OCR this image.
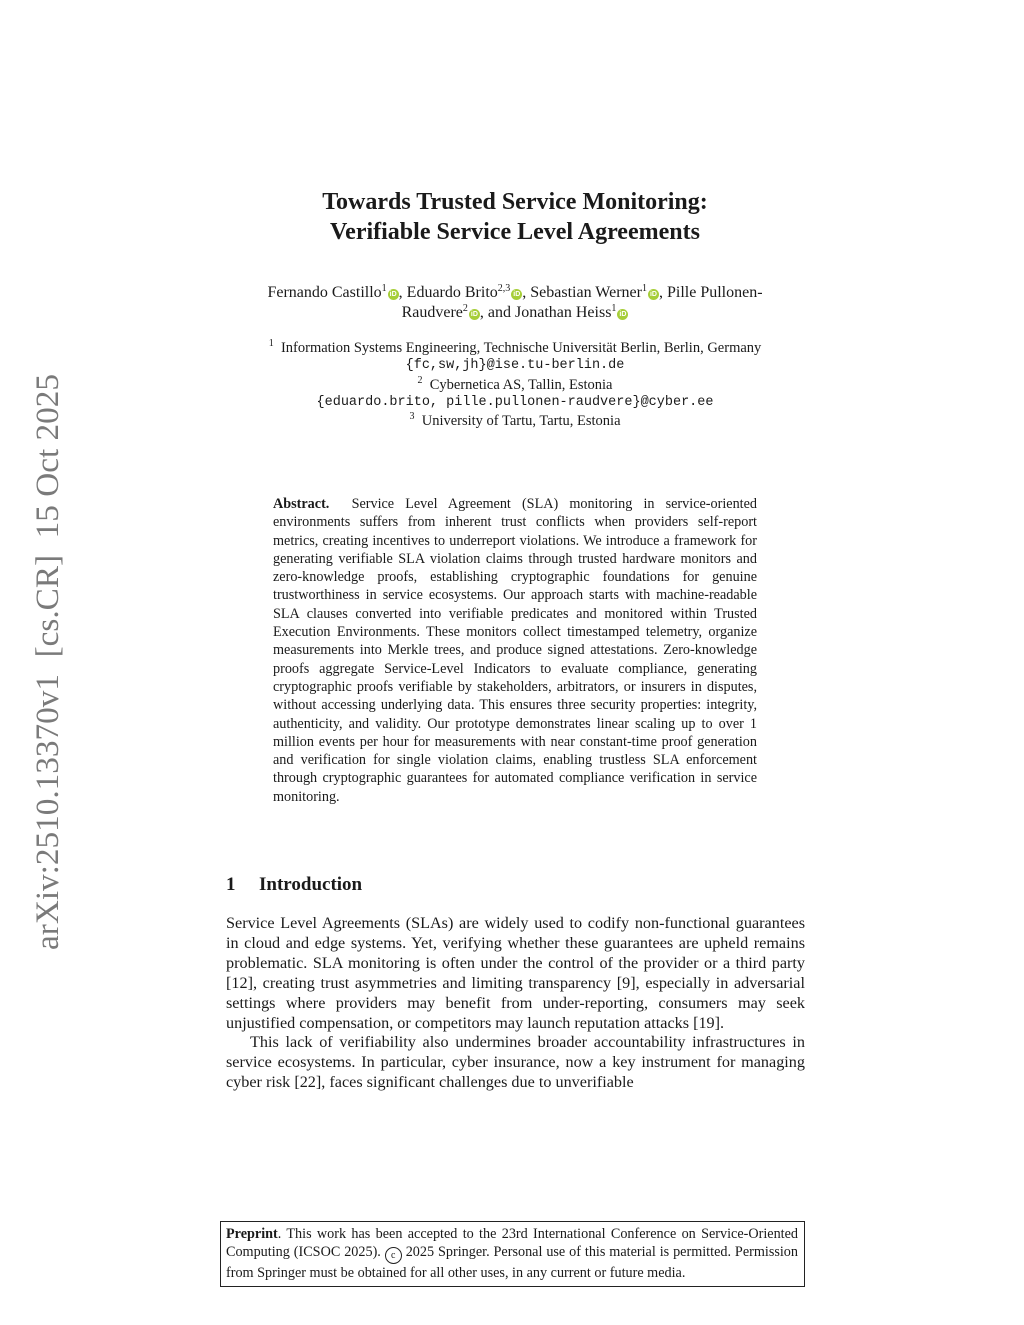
arXiv:2510.13370v1  [cs.CR]  15 Oct 2025
Towards Trusted Service Monitoring:
Verifiable Service Level Agreements
Fernando Castillo$^1$iD , Eduardo Brito$^{2,3}$iD , Sebastian Werner$^1$iD , Pille Pullonen-Raudvere$^2$iD , and Jonathan Heiss$^1$iD
$^1$ Information Systems Engineering, Technische Universität Berlin, Berlin, Germany
{fc,sw,jh}@ise.tu-berlin.de
$^2$ Cybernetica AS, Tallin, Estonia
{eduardo.brito, pille.pullonen-raudvere}@cyber.ee
$^3$ University of Tartu, Tartu, Estonia
Abstract. Service Level Agreement (SLA) monitoring in service-oriented environments suffers from inherent trust conflicts when providers self-report metrics, creating incentives to underreport violations. We introduce a framework for generating verifiable SLA violation claims through trusted hardware monitors and zero-knowledge proofs, establishing cryptographic foundations for genuine trustworthiness in service ecosystems. Our approach starts with machine-readable SLA clauses converted into verifiable predicates and monitored within Trusted Execution Environments. These monitors collect timestamped telemetry, organize measurements into Merkle trees, and produce signed attestations. Zero-knowledge proofs aggregate Service-Level Indicators to evaluate compliance, generating cryptographic proofs verifiable by stakeholders, arbitrators, or insurers in disputes, without accessing underlying data. This ensures three security properties: integrity, authenticity, and validity. Our prototype demonstrates linear scaling up to over 1 million events per hour for measurements with near constant-time proof generation and verification for single violation claims, enabling trustless SLA enforcement through cryptographic guarantees for automated compliance verification in service monitoring.
1 Introduction

Service Level Agreements (SLAs) are widely used to codify non-functional guarantees in cloud and edge systems. Yet, verifying whether these guarantees are upheld remains problematic. SLA monitoring is often under the control of the provider or a third party [12], creating trust asymmetries and limiting transparency [9], especially in adversarial settings where providers may benefit from under-reporting, consumers may seek unjustified compensation, or competitors may launch reputation attacks [19].

This lack of verifiability also undermines broader accountability infrastructures in service ecosystems. In particular, cyber insurance, now a key instrument for managing cyber risk [22], faces significant challenges due to unverifiable

Preprint. This work has been accepted to the 23rd International Conference on Service-Oriented Computing (ICSOC 2025). c 2025 Springer. Personal use of this material is permitted. Permission from Springer must be obtained for all other uses, in any current or future media.
